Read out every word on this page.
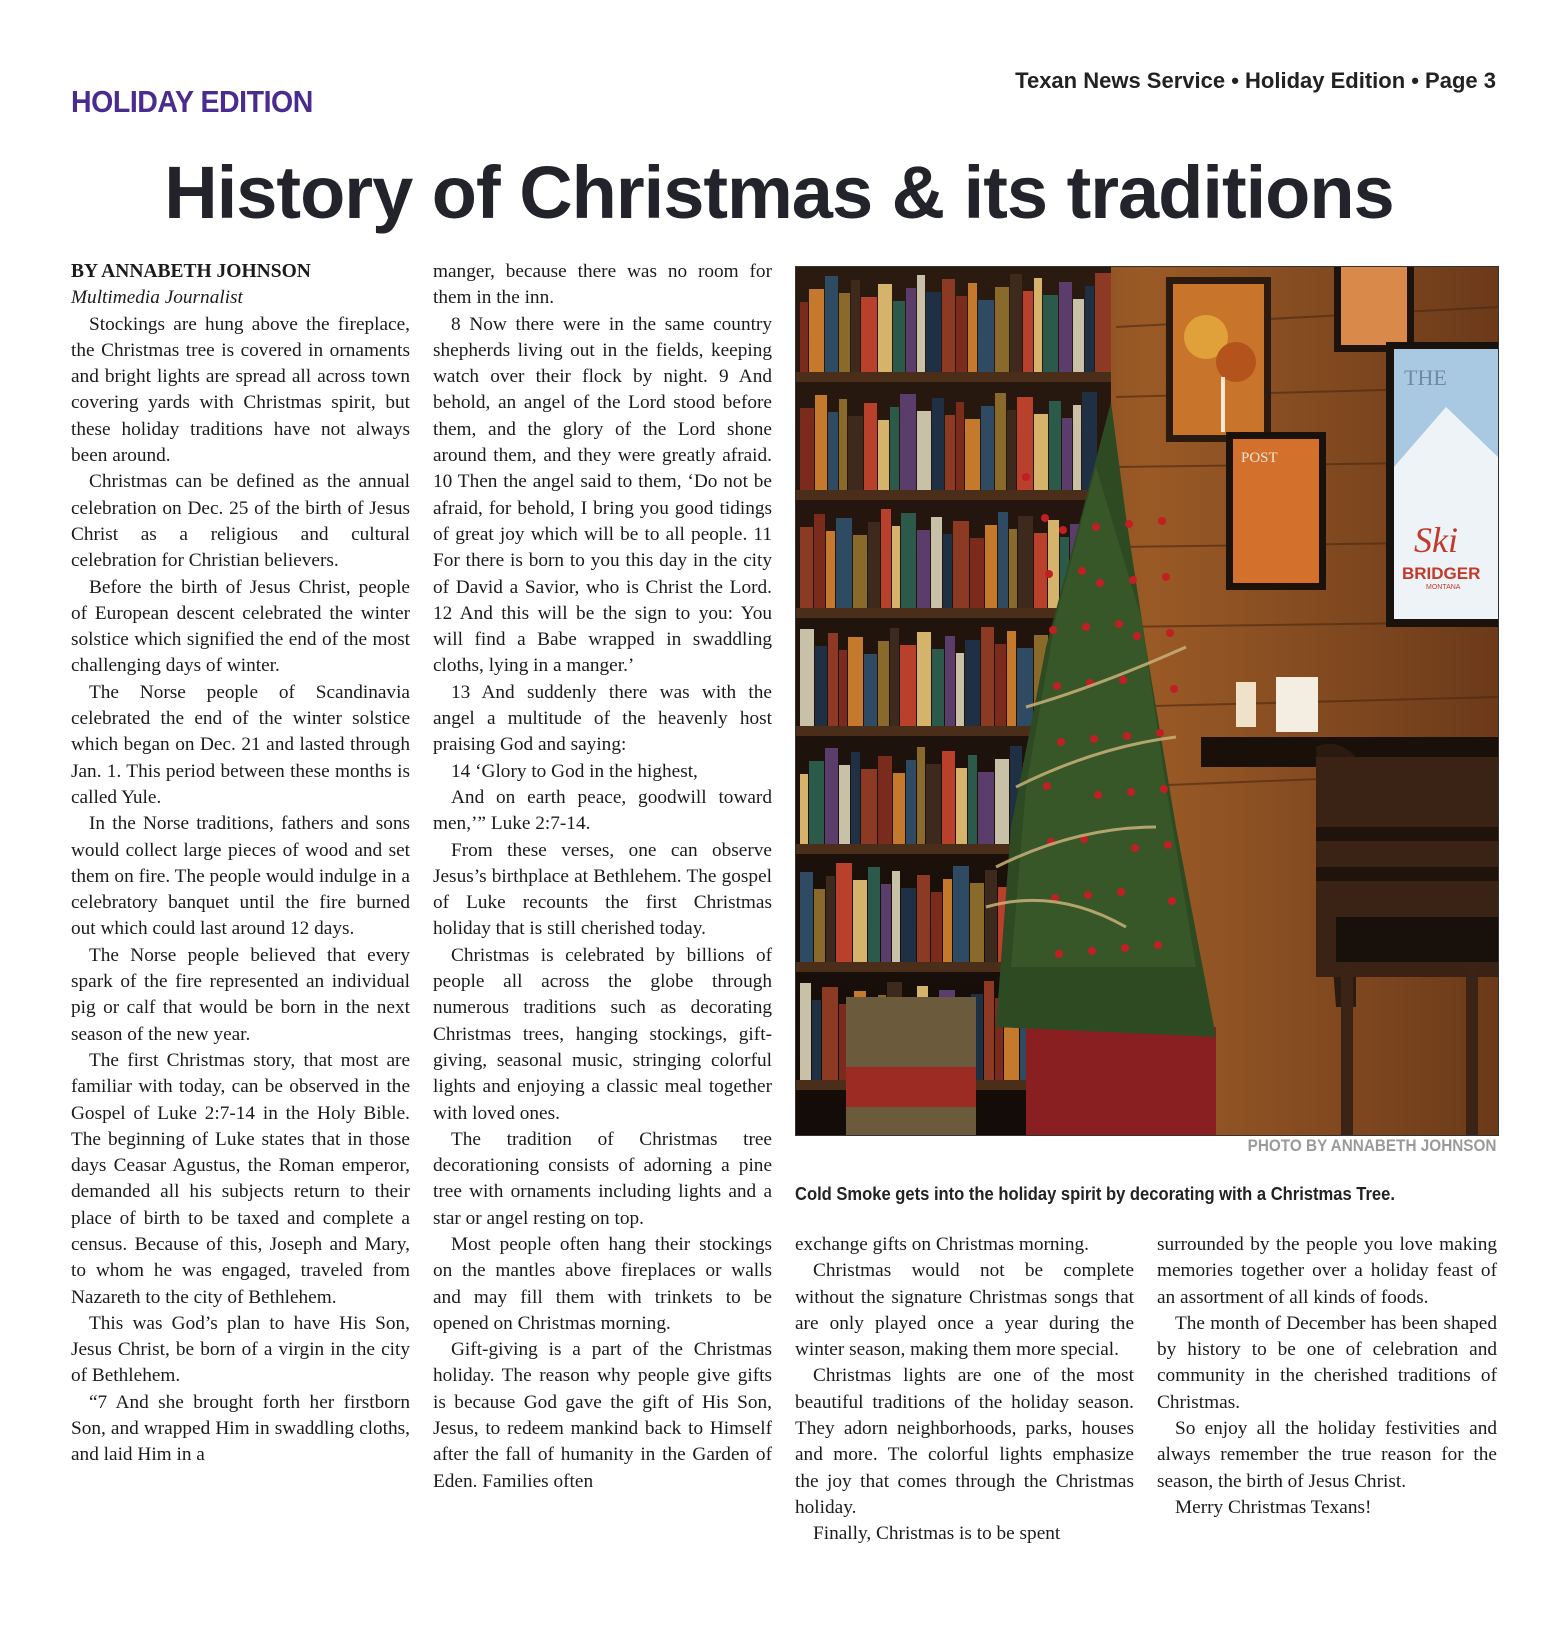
HOLIDAY EDITION
Texan News Service • Holiday Edition • Page 3
History of Christmas & its traditions

BY ANNABETH JOHNSON

Multimedia Journalist

Stockings are hung above the fireplace, the Christmas tree is covered in ornaments and bright lights are spread all across town covering yards with Christmas spirit, but these holiday traditions have not always been around.

Christmas can be defined as the annual celebration on Dec. 25 of the birth of Jesus Christ as a religious and cultural celebration for Christian believers.

Before the birth of Jesus Christ, people of European descent celebrated the winter solstice which signified the end of the most challenging days of winter.

The Norse people of Scandinavia celebrated the end of the winter solstice which began on Dec. 21 and lasted through Jan. 1. This period between these months is called Yule.

In the Norse traditions, fathers and sons would collect large pieces of wood and set them on fire. The people would indulge in a celebratory banquet until the fire burned out which could last around 12 days.

The Norse people believed that every spark of the fire represented an individual pig or calf that would be born in the next season of the new year.

The first Christmas story, that most are familiar with today, can be observed in the Gospel of Luke 2:7-14 in the Holy Bible. The beginning of Luke states that in those days Ceasar Agustus, the Roman emperor, demanded all his subjects return to their place of birth to be taxed and complete a census. Because of this, Joseph and Mary, to whom he was engaged, traveled from Nazareth to the city of Bethlehem.

This was God’s plan to have His Son, Jesus Christ, be born of a virgin in the city of Bethlehem.

“7 And she brought forth her firstborn Son, and wrapped Him in swaddling cloths, and laid Him in a

manger, because there was no room for them in the inn.

8 Now there were in the same country shepherds living out in the fields, keeping watch over their flock by night. 9 And behold, an angel of the Lord stood before them, and the glory of the Lord shone around them, and they were greatly afraid. 10 Then the angel said to them, ‘Do not be afraid, for behold, I bring you good tidings of great joy which will be to all people. 11 For there is born to you this day in the city of David a Savior, who is Christ the Lord. 12 And this will be the sign to you: You will find a Babe wrapped in swaddling cloths, lying in a manger.’

13 And suddenly there was with the angel a multitude of the heavenly host praising God and saying:

14 ‘Glory to God in the highest,

And on earth peace, goodwill toward men,’” Luke 2:7-14.

From these verses, one can observe Jesus’s birthplace at Bethlehem. The gospel of Luke recounts the first Christmas holiday that is still cherished today.

Christmas is celebrated by billions of people all across the globe through numerous traditions such as decorating Christmas trees, hanging stockings, gift-giving, seasonal music, stringing colorful lights and enjoying a classic meal together with loved ones.

The tradition of Christmas tree decorationing consists of adorning a pine tree with ornaments including lights and a star or angel resting on top.

Most people often hang their stockings on the mantles above fireplaces or walls and may fill them with trinkets to be opened on Christmas morning.

Gift-giving is a part of the Christmas holiday. The reason why people give gifts is because God gave the gift of His Son, Jesus, to redeem mankind back to Himself after the fall of humanity in the Garden of Eden. Families often

POST
THE
Ski
BRIDGER
MONTANA
PHOTO BY ANNABETH JOHNSON
Cold Smoke gets into the holiday spirit by decorating with a Christmas Tree.

exchange gifts on Christmas morning.

Christmas would not be complete without the signature Christmas songs that are only played once a year during the winter season, making them more special.

Christmas lights are one of the most beautiful traditions of the holiday season. They adorn neighborhoods, parks, houses and more. The colorful lights emphasize the joy that comes through the Christmas holiday.

Finally, Christmas is to be spent

surrounded by the people you love making memories together over a holiday feast of an assortment of all kinds of foods.

The month of December has been shaped by history to be one of celebration and community in the cherished traditions of Christmas.

So enjoy all the holiday festivities and always remember the true reason for the season, the birth of Jesus Christ.

Merry Christmas Texans!
